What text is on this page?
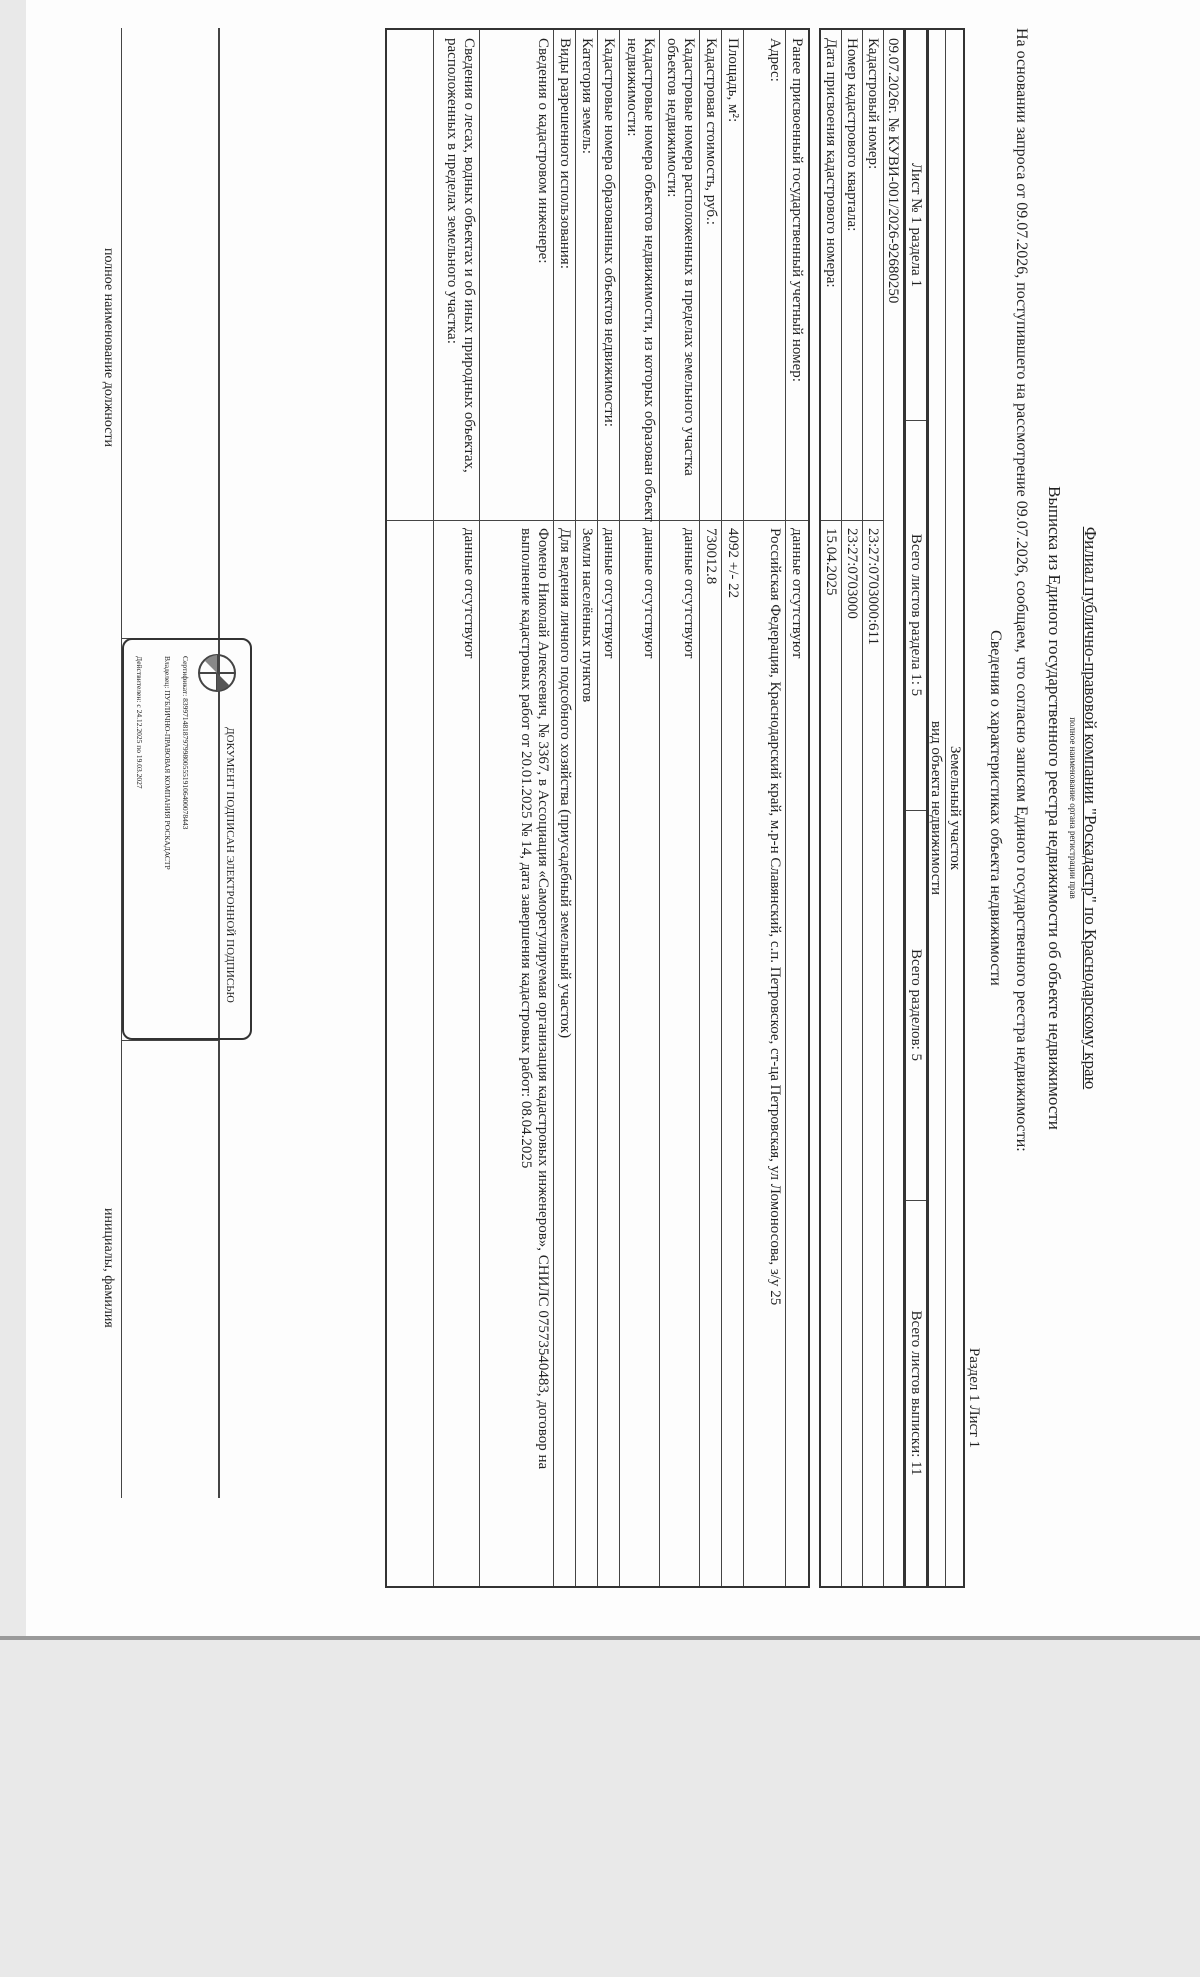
Филиал публично-правовой компании "Роскадастр" по Краснодарскому краю
полное наименование органа регистрации прав
Выписка из Единого государственного реестра недвижимости об объекте недвижимости
На основании запроса от 09.07.2026, поступившего на рассмотрение 09.07.2026, сообщаем, что согласно записям Единого государственного реестра недвижимости:
Сведения о характеристиках объекта недвижимости
Раздел 1 Лист 1
Земельный участок
вид объекта недвижимости
Лист № 1 раздела 1
Всего листов раздела 1: 5
Всего разделов: 5
Всего листов выписки: 11
09.07.2026г. № КУВИ-001/2026-92680250
Кадастровый номер:
23:27:0703000:611
Номер кадастрового квартала:
23:27:0703000
Дата присвоения кадастрового номера:
15.04.2025
Ранее присвоенный государственный учетный номер:
данные отсутствуют
Адрес:
Российская Федерация, Краснодарский край, м.р-н Славянский, с.п. Петровское, ст-ца Петровская, ул Ломоносова, з/у 25
Площадь, м²:
4092 +/- 22
Кадастровая стоимость, руб.:
730012.8
Кадастровые номера расположенных в пределах земельного участка объектов недвижимости:
данные отсутствуют
Кадастровые номера объектов недвижимости, из которых образован объект недвижимости:
данные отсутствуют
Кадастровые номера образованных объектов недвижимости:
данные отсутствуют
Категория земель:
Земли населённых пунктов
Виды разрешенного использования:
Для ведения личного подсобного хозяйства (приусадебный земельный участок)
Сведения о кадастровом инженере:
Фомено Николай Алексеевич, № 3367, в Ассоциация «Саморегулируемая организация кадастровых инженеров», СНИЛС 07573540483, договор на выполнение кадастровых работ от 20.01.2025 № 14, дата завершения кадастровых работ: 08.04.2025
Сведения о лесах, водных объектах и об иных природных объектах, расположенных в пределах земельного участка:
данные отсутствуют
полное наименование должности
инициалы, фамилия
ДОКУМЕНТ ПОДПИСАН ЭЛЕКТРОННОЙ ПОДПИСЬЮ
Сертификат: 83997148187979980055519106400078443
Владелец: ПУБЛИЧНО-ПРАВОВАЯ КОМПАНИЯ РОСКАДАСТР
Действителен: с 24.12.2025 по 19.03.2027
